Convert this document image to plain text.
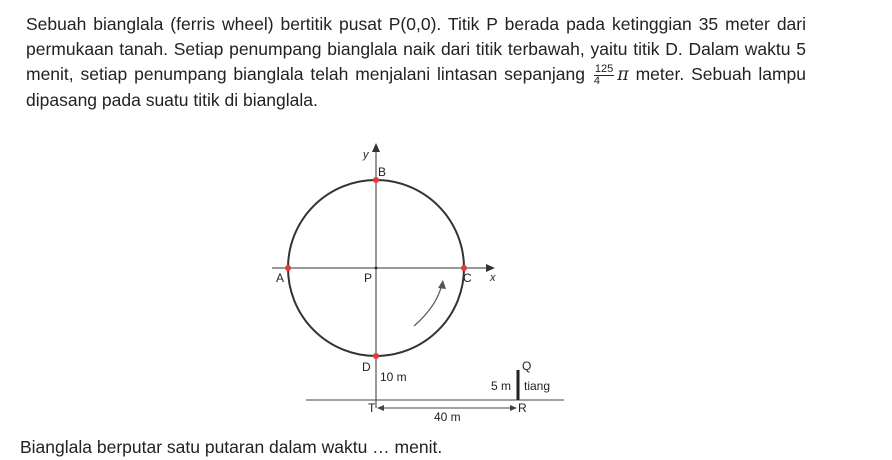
Sebuah bianglala (ferris wheel) bertitik pusat P(0,0). Titik P berada pada ketinggian 35 meter dari permukaan tanah. Setiap penumpang bianglala naik dari titik terbawah, yaitu titik D. Dalam waktu 5 menit, setiap penumpang bianglala telah menjalani lintasan sepanjang $\frac{125}{4}$ π meter. Sebuah lampu dipasang pada suatu titik di bianglala.
y
x
B
A	P	C
D
10 m
Q
5 m tiang
T	R
40 m
Bianglala berputar satu putaran dalam waktu … menit.
